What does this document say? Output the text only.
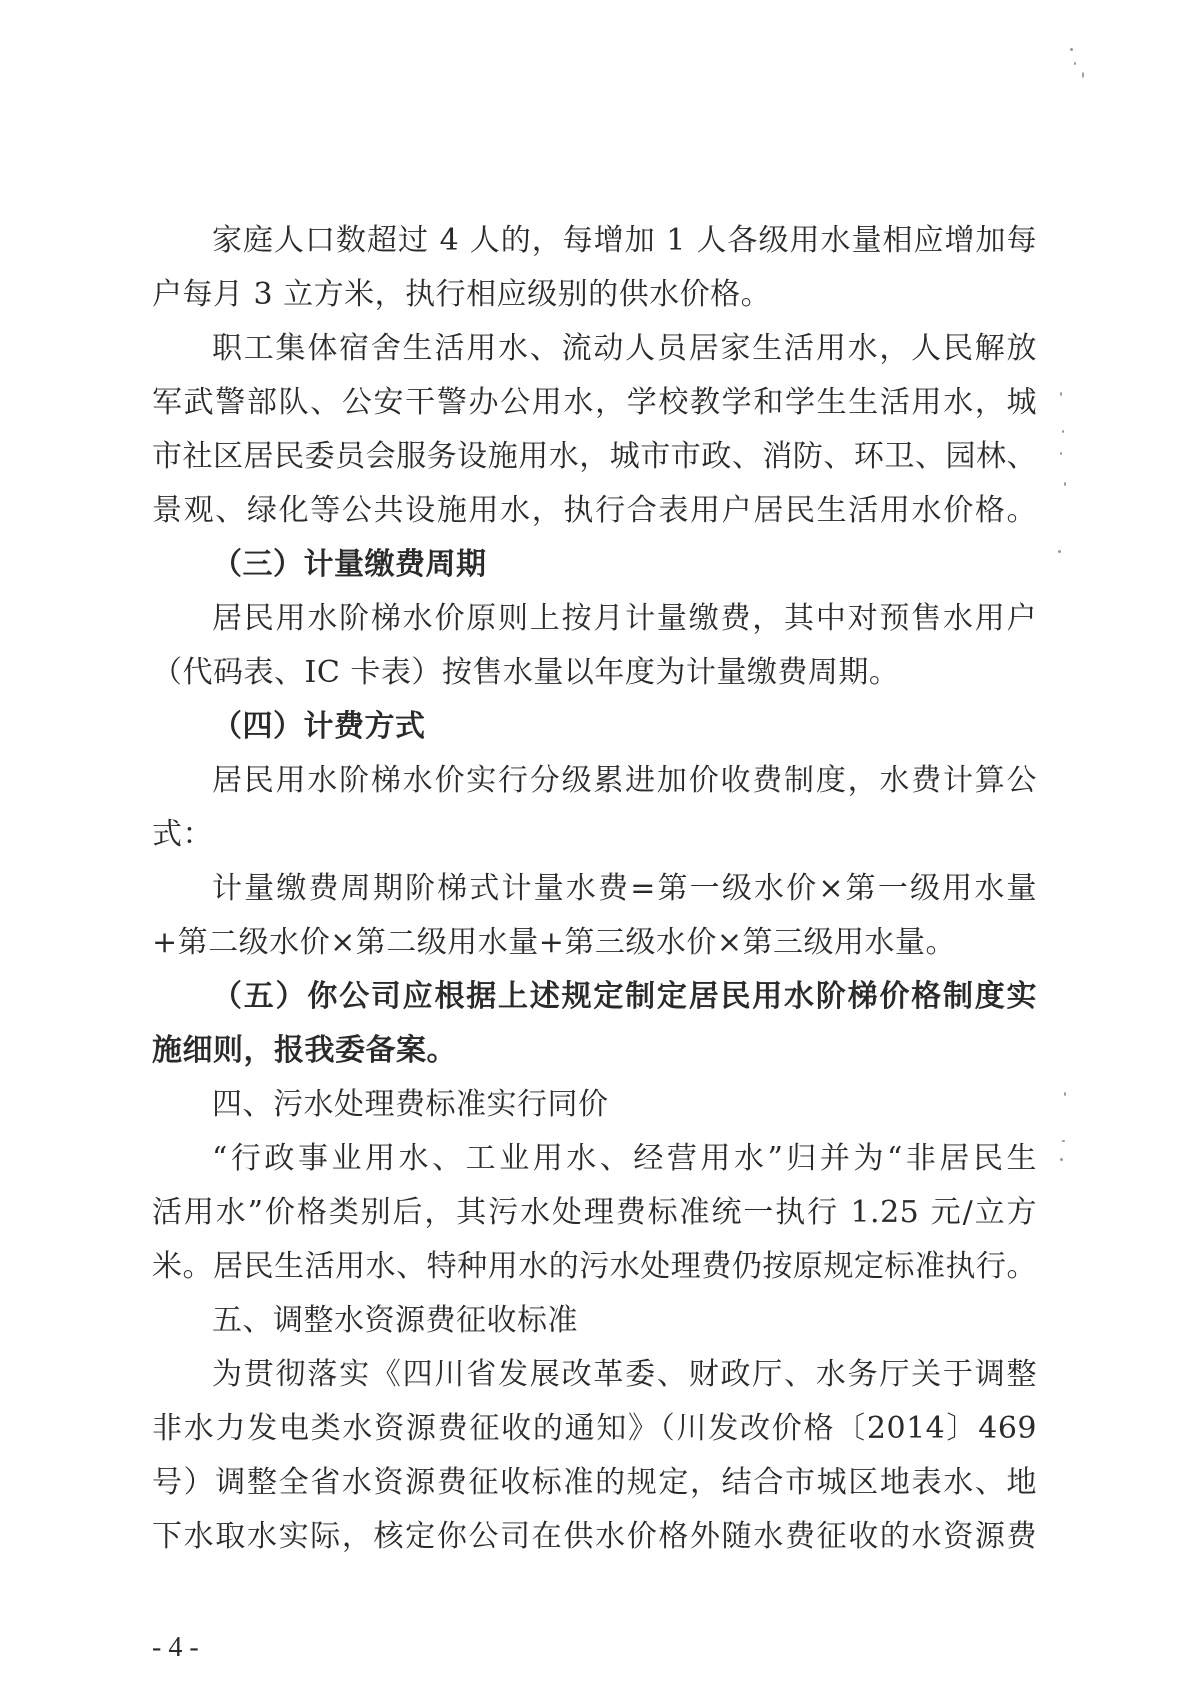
家庭人口数超过 4 人的，每增加 1 人各级用水量相应增加每
户每月 3 立方米，执行相应级别的供水价格。
职工集体宿舍生活用水、流动人员居家生活用水，人民解放
军武警部队、公安干警办公用水，学校教学和学生生活用水，城
市社区居民委员会服务设施用水，城市市政、消防、环卫、园林、
景观、绿化等公共设施用水，执行合表用户居民生活用水价格。
（三）计量缴费周期
居民用水阶梯水价原则上按月计量缴费，其中对预售水用户
（代码表、IC 卡表）按售水量以年度为计量缴费周期。
（四）计费方式
居民用水阶梯水价实行分级累进加价收费制度，水费计算公
式：
计量缴费周期阶梯式计量水费=第一级水价×第一级用水量
+第二级水价×第二级用水量+第三级水价×第三级用水量。
（五）你公司应根据上述规定制定居民用水阶梯价格制度实
施细则，报我委备案。
四、污水处理费标准实行同价
“行政事业用水、工业用水、经营用水”归并为“非居民生
活用水”价格类别后，其污水处理费标准统一执行 1.25 元/立方
米。居民生活用水、特种用水的污水处理费仍按原规定标准执行。
五、调整水资源费征收标准
为贯彻落实《四川省发展改革委、财政厅、水务厅关于调整
非水力发电类水资源费征收的通知》（川发改价格〔2014〕469
号）调整全省水资源费征收标准的规定，结合市城区地表水、地
下水取水实际，核定你公司在供水价格外随水费征收的水资源费
- 4 -
